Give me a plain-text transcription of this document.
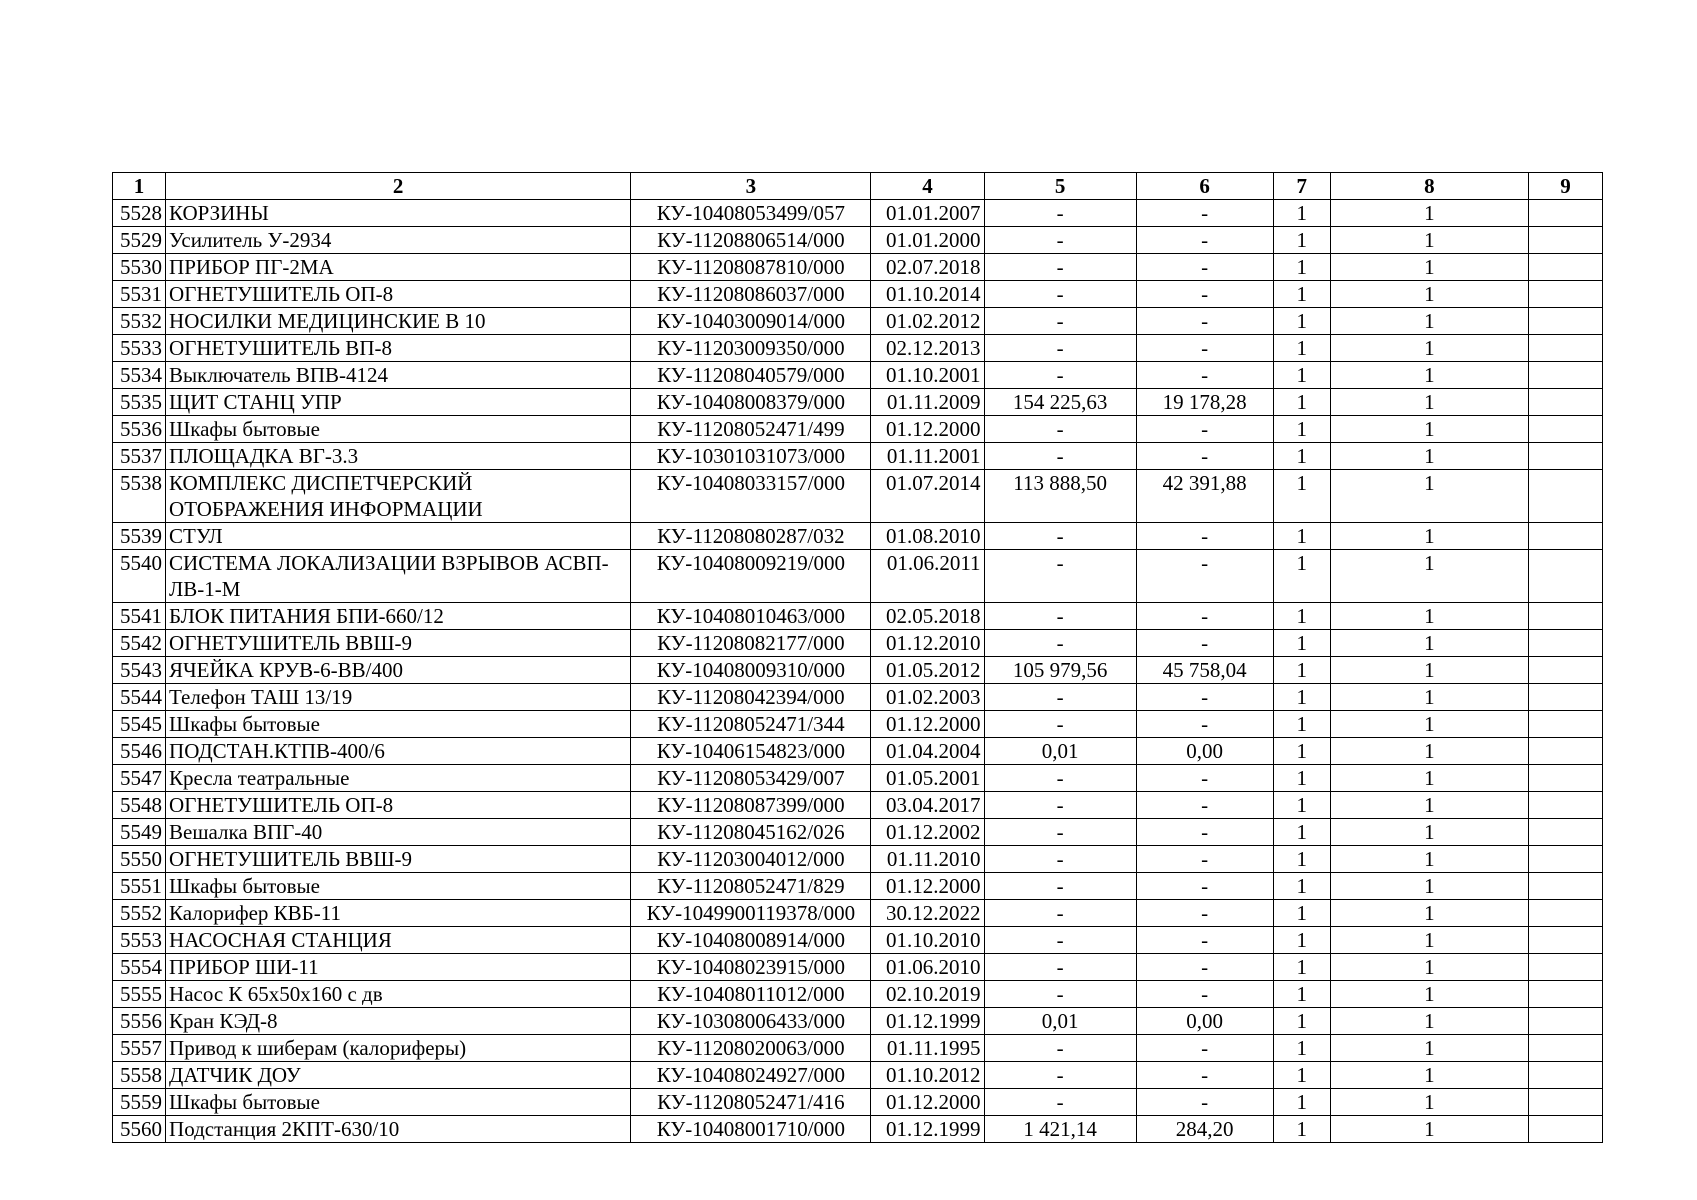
1	2	3	4	5	6	7	8	9
5528	КОРЗИНЫ	КУ-10408053499/057	01.01.2007	-	-	1	1	
5529	Усилитель У-2934	КУ-11208806514/000	01.01.2000	-	-	1	1	
5530	ПРИБОР ПГ-2МА	КУ-11208087810/000	02.07.2018	-	-	1	1	
5531	ОГНЕТУШИТЕЛЬ ОП-8	КУ-11208086037/000	01.10.2014	-	-	1	1	
5532	НОСИЛКИ МЕДИЦИНСКИЕ В 10	КУ-10403009014/000	01.02.2012	-	-	1	1	
5533	ОГНЕТУШИТЕЛЬ ВП-8	КУ-11203009350/000	02.12.2013	-	-	1	1	
5534	Выключатель ВПВ-4124	КУ-11208040579/000	01.10.2001	-	-	1	1	
5535	ЩИТ СТАНЦ УПР	КУ-10408008379/000	01.11.2009	154 225,63	19 178,28	1	1	
5536	Шкафы бытовые	КУ-11208052471/499	01.12.2000	-	-	1	1	
5537	ПЛОЩАДКА ВГ-3.3	КУ-10301031073/000	01.11.2001	-	-	1	1	
5538	КОМПЛЕКС ДИСПЕТЧЕРСКИЙ ОТОБРАЖЕНИЯ ИНФОРМАЦИИ	КУ-10408033157/000	01.07.2014	113 888,50	42 391,88	1	1	
5539	СТУЛ	КУ-11208080287/032	01.08.2010	-	-	1	1	
5540	СИСТЕМА ЛОКАЛИЗАЦИИ ВЗРЫВОВ АСВП-ЛВ-1-М	КУ-10408009219/000	01.06.2011	-	-	1	1	
5541	БЛОК ПИТАНИЯ БПИ-660/12	КУ-10408010463/000	02.05.2018	-	-	1	1	
5542	ОГНЕТУШИТЕЛЬ ВВШ-9	КУ-11208082177/000	01.12.2010	-	-	1	1	
5543	ЯЧЕЙКА КРУВ-6-ВВ/400	КУ-10408009310/000	01.05.2012	105 979,56	45 758,04	1	1	
5544	Телефон ТАШ 13/19	КУ-11208042394/000	01.02.2003	-	-	1	1	
5545	Шкафы бытовые	КУ-11208052471/344	01.12.2000	-	-	1	1	
5546	ПОДСТАН.КТПВ-400/6	КУ-10406154823/000	01.04.2004	0,01	0,00	1	1	
5547	Кресла театральные	КУ-11208053429/007	01.05.2001	-	-	1	1	
5548	ОГНЕТУШИТЕЛЬ ОП-8	КУ-11208087399/000	03.04.2017	-	-	1	1	
5549	Вешалка ВПГ-40	КУ-11208045162/026	01.12.2002	-	-	1	1	
5550	ОГНЕТУШИТЕЛЬ ВВШ-9	КУ-11203004012/000	01.11.2010	-	-	1	1	
5551	Шкафы бытовые	КУ-11208052471/829	01.12.2000	-	-	1	1	
5552	Калорифер КВБ-11	КУ-1049900119378/000	30.12.2022	-	-	1	1	
5553	НАСОСНАЯ СТАНЦИЯ	КУ-10408008914/000	01.10.2010	-	-	1	1	
5554	ПРИБОР ШИ-11	КУ-10408023915/000	01.06.2010	-	-	1	1	
5555	Насос К 65x50x160 с дв	КУ-10408011012/000	02.10.2019	-	-	1	1	
5556	Кран КЭД-8	КУ-10308006433/000	01.12.1999	0,01	0,00	1	1	
5557	Привод к шиберам (калориферы)	КУ-11208020063/000	01.11.1995	-	-	1	1	
5558	ДАТЧИК ДОУ	КУ-10408024927/000	01.10.2012	-	-	1	1	
5559	Шкафы бытовые	КУ-11208052471/416	01.12.2000	-	-	1	1	
5560	Подстанция 2КПТ-630/10	КУ-10408001710/000	01.12.1999	1 421,14	284,20	1	1	
